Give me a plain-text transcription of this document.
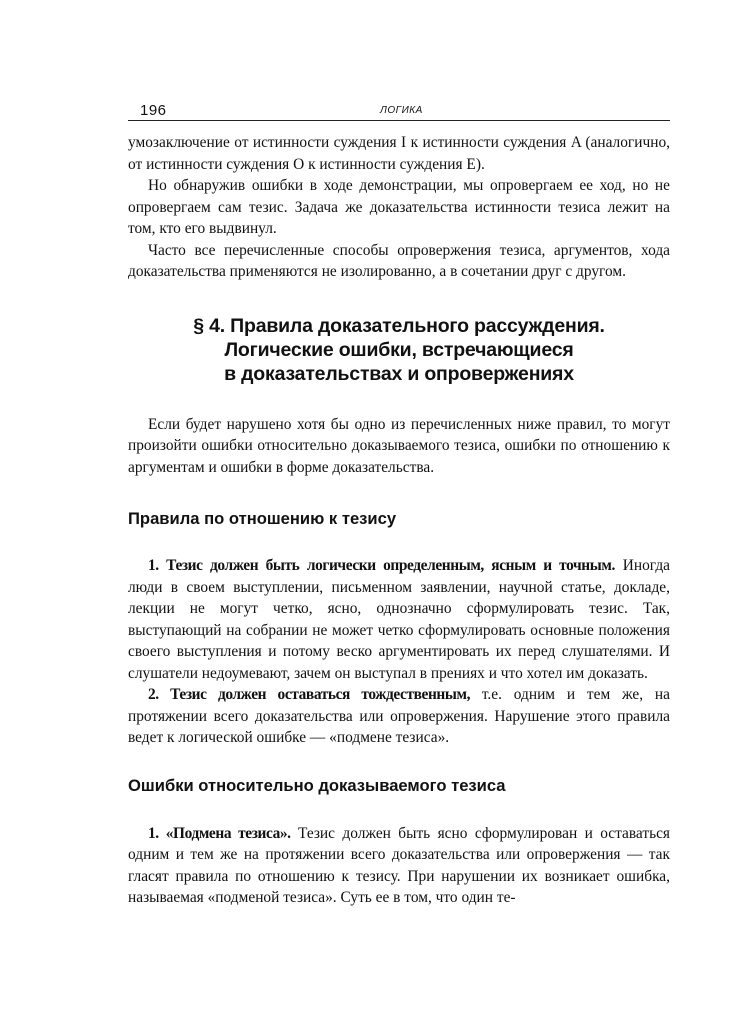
196	ЛОГИКА

умозаключение от истинности суждения I к истинности суждения A (аналогично, от истинности суждения O к истинности суждения E).

Но обнаружив ошибки в ходе демонстрации, мы опровергаем ее ход, но не опровергаем сам тезис. Задача же доказательства истинности тезиса лежит на том, кто его выдвинул.

Часто все перечисленные способы опровержения тезиса, аргументов, хода доказательства применяются не изолированно, а в сочетании друг с другом.

§ 4. Правила доказательного рассуждения.
Логические ошибки, встречающиеся
в доказательствах и опровержениях

Если будет нарушено хотя бы одно из перечисленных ниже правил, то могут произойти ошибки относительно доказываемого тезиса, ошибки по отношению к аргументам и ошибки в форме доказательства.

Правила по отношению к тезису

1. Тезис должен быть логически определенным, ясным и точным. Иногда люди в своем выступлении, письменном заявлении, научной статье, докладе, лекции не могут четко, ясно, однозначно сформулировать тезис. Так, выступающий на собрании не может четко сформулировать основные положения своего выступления и потому веско аргументировать их перед слушателями. И слушатели недоумевают, зачем он выступал в прениях и что хотел им доказать.

2. Тезис должен оставаться тождественным, т.е. одним и тем же, на протяжении всего доказательства или опровержения. Нарушение этого правила ведет к логической ошибке — «подмене тезиса».

Ошибки относительно доказываемого тезиса

1. «Подмена тезиса». Тезис должен быть ясно сформулирован и оставаться одним и тем же на протяжении всего доказательства или опровержения — так гласят правила по отношению к тезису. При нарушении их возникает ошибка, называемая «подменой тезиса». Суть ее в том, что один те-
